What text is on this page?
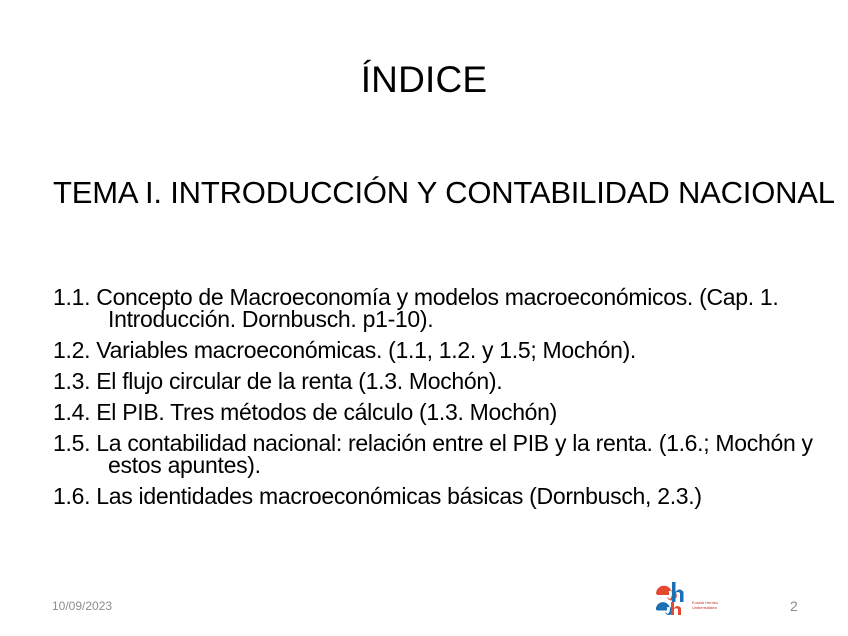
ÍNDICE
TEMA I. INTRODUCCIÓN Y CONTABILIDAD NACIONAL
1.1. Concepto de Macroeconomía y modelos macroeconómicos. (Cap. 1. Introducción. Dornbusch. p1-10).
1.2. Variables macroeconómicas. (1.1, 1.2. y 1.5; Mochón).
1.3. El flujo circular de la renta (1.3. Mochón).
1.4. El PIB. Tres métodos de cálculo (1.3. Mochón)
1.5. La contabilidad nacional: relación entre el PIB y la renta. (1.6.; Mochón y estos apuntes).
1.6. Las identidades macroeconómicas básicas (Dornbusch, 2.3.)
10/09/2023	Euskal Herriko
Unibertsitatea	2
